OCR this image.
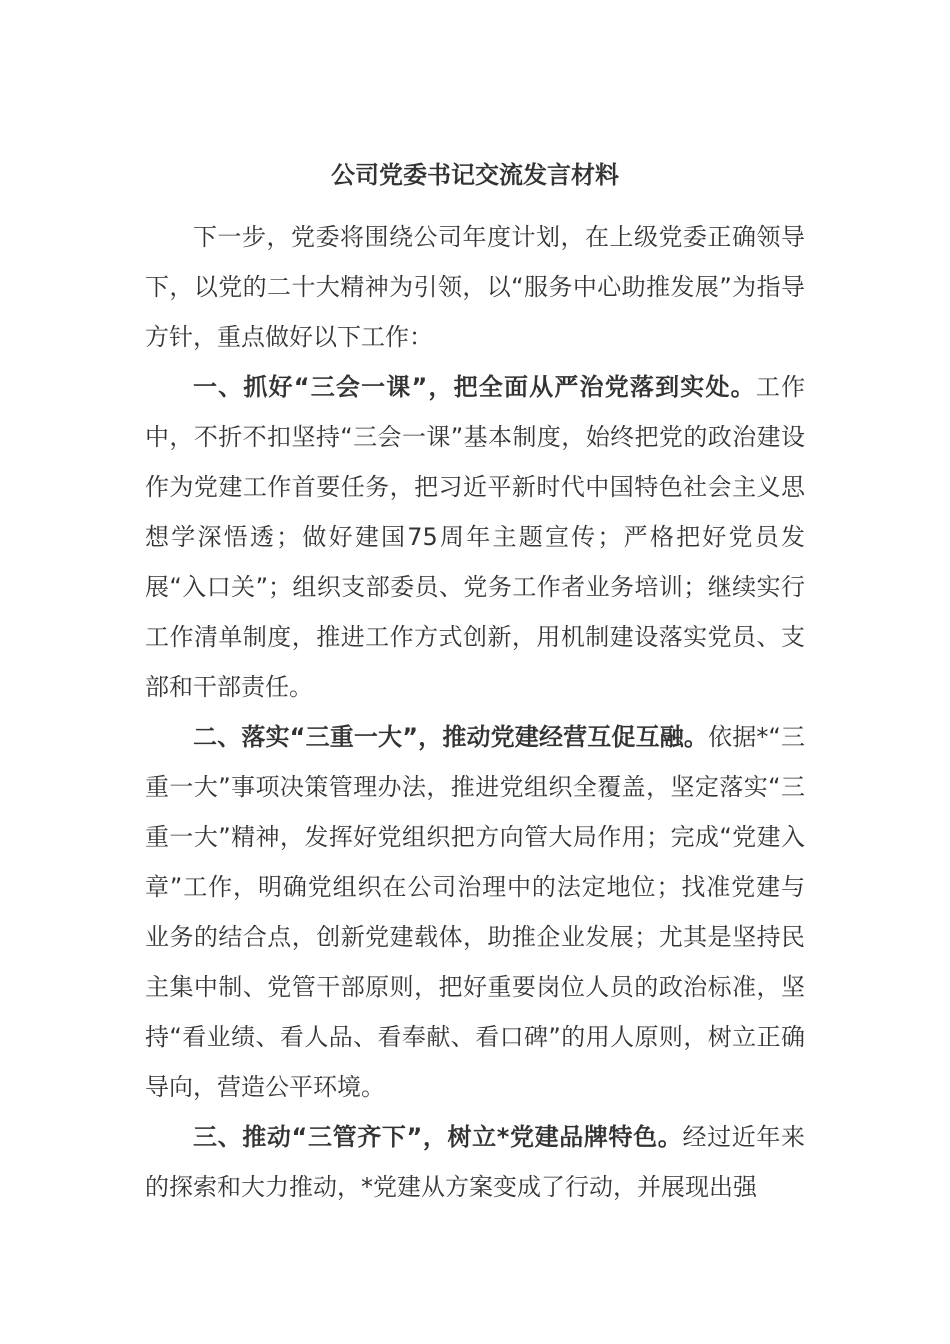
公司党委书记交流发言材料

下一步，党委将围绕公司年度计划，在上级党委正确领导下，以党的二十大精神为引领，以“服务中心助推发展”为指导方针，重点做好以下工作：

一、抓好“三会一课”，把全面从严治党落到实处。工作中，不折不扣坚持“三会一课”基本制度，始终把党的政治建设作为党建工作首要任务，把习近平新时代中国特色社会主义思想学深悟透；做好建国75周年主题宣传；严格把好党员发展“入口关”；组织支部委员、党务工作者业务培训；继续实行工作清单制度，推进工作方式创新，用机制建设落实党员、支部和干部责任。

二、落实“三重一大”，推动党建经营互促互融。依据*“三重一大”事项决策管理办法，推进党组织全覆盖，坚定落实“三重一大”精神，发挥好党组织把方向管大局作用；完成“党建入章”工作，明确党组织在公司治理中的法定地位；找准党建与业务的结合点，创新党建载体，助推企业发展；尤其是坚持民主集中制、党管干部原则，把好重要岗位人员的政治标准，坚持“看业绩、看人品、看奉献、看口碑”的用人原则，树立正确导向，营造公平环境。

三、推动“三管齐下”，树立*党建品牌特色。经过近年来的探索和大力推动，*党建从方案变成了行动，并展现出强
